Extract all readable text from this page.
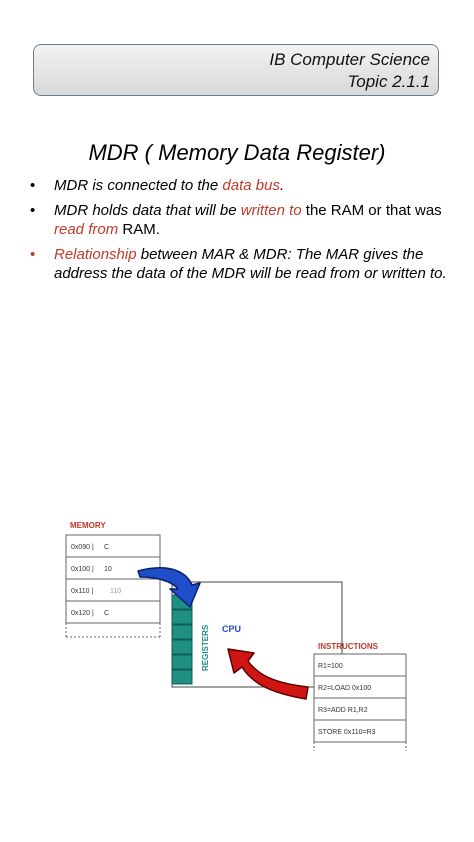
IB Computer Science
Topic 2.1.1
MDR ( Memory Data Register)
• MDR is connected to the data bus.
• MDR holds data that will be written to the RAM or that was read from RAM.
• Relationship between MAR & MDR: The MAR gives the address the data of the MDR will be read from or written to.
REGISTERS CPU
MEMORY
0x090 | C
0x100 | 10
0x110 | 110
0x120 | C
INSTRUCTIONS
R1=100
R2=LOAD 0x100
R3=ADD R1,R2
STORE 0x110=R3
